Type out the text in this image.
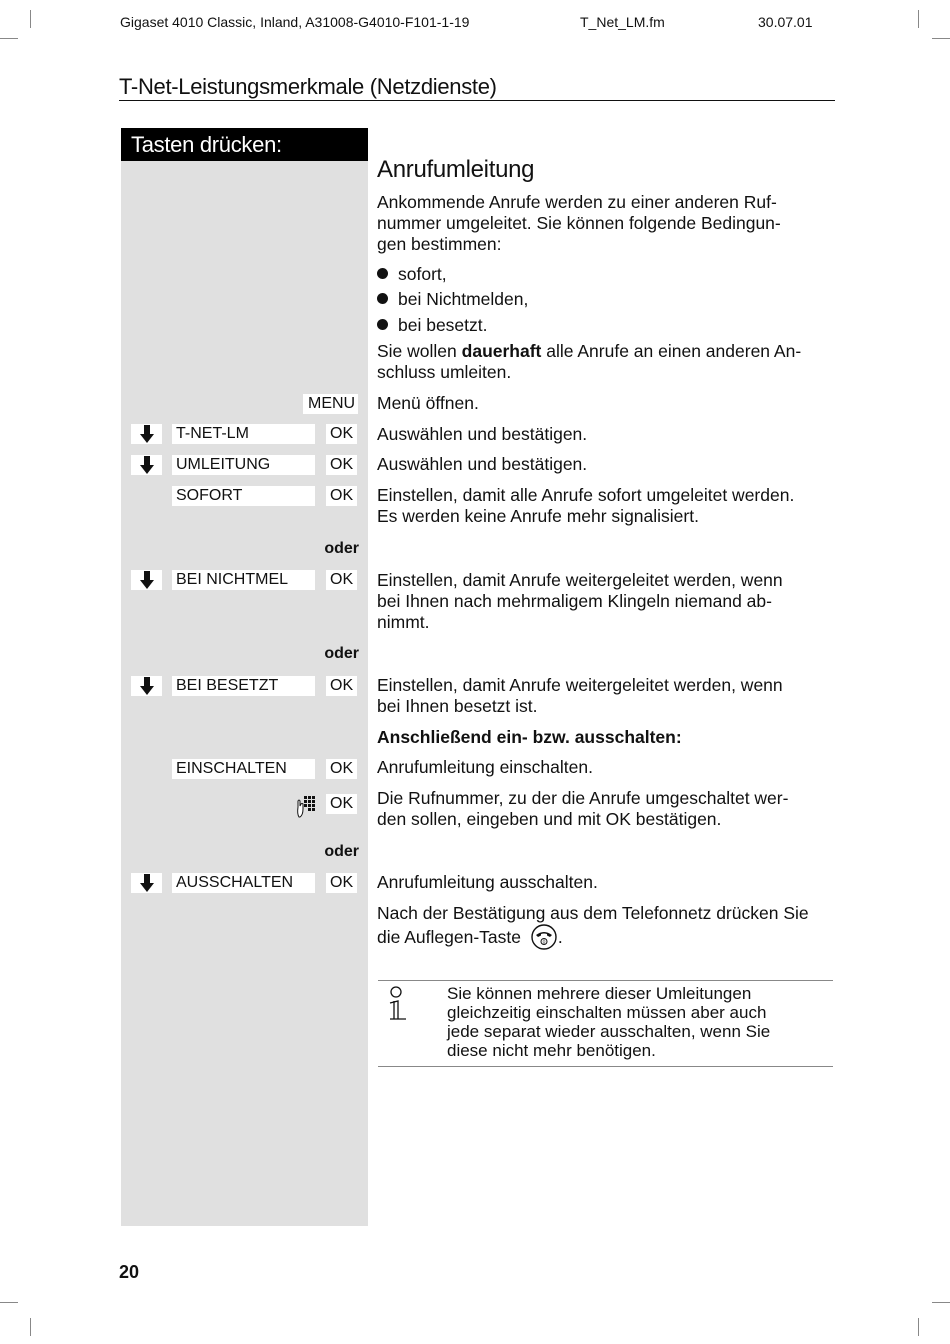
Gigaset 4010 Classic, Inland, A31008-G4010-F101-1-19	T_Net_LM.fm	30.07.01
T-Net-Leistungsmerkmale (Netzdienste)
Tasten drücken:
Anrufumleitung
Ankommende Anrufe werden zu einer anderen Ruf-
nummer umgeleitet. Sie können folgende Bedingun-
gen bestimmen:
sofort,
bei Nichtmelden,
bei besetzt.
Sie wollen dauerhaft alle Anrufe an einen anderen An-
schluss umleiten.
MENU Menü öffnen.
T-NET-LM	OK Auswählen und bestätigen.
UMLEITUNG	OK Auswählen und bestätigen.
SOFORT	OK Einstellen, damit alle Anrufe sofort umgeleitet werden.
Es werden keine Anrufe mehr signalisiert.
oder
BEI NICHTMEL	OK Einstellen, damit Anrufe weitergeleitet werden, wenn
bei Ihnen nach mehrmaligem Klingeln niemand ab-
nimmt.
oder
BEI BESETZT	OK Einstellen, damit Anrufe weitergeleitet werden, wenn
bei Ihnen besetzt ist.
Anschließend ein- bzw. ausschalten:
EINSCHALTEN	OK Anrufumleitung einschalten.
OK Die Rufnummer, zu der die Anrufe umgeschaltet wer-
den sollen, eingeben und mit OK bestätigen.
oder
AUSSCHALTEN	OK Anrufumleitung ausschalten.
Nach der Bestätigung aus dem Telefonnetz drücken Sie
die Auflegen-Taste	0 .
Sie können mehrere dieser Umleitungen
gleichzeitig einschalten müssen aber auch
jede separat wieder ausschalten, wenn Sie
diese nicht mehr benötigen.
20
